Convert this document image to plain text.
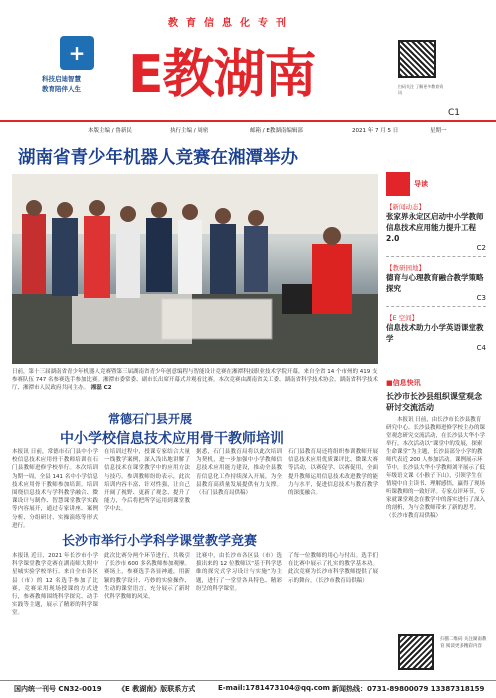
教育信息化专刊
+
科技启迪智慧
教育陪伴人生 E教湖南	扫码关注 了解更多教育资讯
C1
本版主编 / 鲁新民	执行主编 / 周密	邮箱 / E教湖南编辑部	2021 年 7 月 5 日	星期一
湖南省青少年机器人竞赛在湘潭举办
日前，第十三届湖南省青少年机器人竞赛暨第三届湖南省青少年创意编程与智能设计竞赛在湘潭科技职业技术学院开幕，来自全省 14 个市州的 419 支参赛队伍 747 名参赛选手参加比赛。湘潭市委常委、副市长出席开幕式并观看比赛。本次竞赛由湖南省关工委、湖南省科学技术协会、湖南省科学技术厅、湘潭市人民政府共同主办。 湘磊 C2
导读
【新闻动态】
张家界永定区启动中小学教师信息技术应用能力提升工程 2.0
C2
【教研园地】
德育与心理教育融合教学策略探究
C3
【E 空间】
信息技术助力小学英语课堂教学
C4
■信息快讯
长沙市长沙县组织课堂观念研讨交流活动
本报讯 日前，由长沙市长沙县教育研究中心、长沙县教师进修学校主办的课堂观念研究交流活动，在长沙县大华小学举行。本次活动以“课堂中的发展，探索生命课堂”为主题，长沙县部分小学的教师代表近 200 人参加活动。课例展示环节中，长沙县大华小学教师刘平展示了低年级语文课《小猴子下山》，引领学生在情境中自主读书、理解感悟，赢得了现场听课教师的一致好评。专家点评环节，专家就课堂观念在教学中的落实进行了深入的剖析，为与会教师带来了新的思考。（长沙市教育局供稿）
扫描二维码 关注湖南教育 阅读更多精彩内容
常德石门县开展
中小学校信息技术应用骨干教师培训
本报讯 日前，常德市石门县中小学校信息技术应用骨干教师培训在石门县教师进修学校举行。本次培训为期一周，全县 141 名中小学信息技术应用骨干教师参加培训。培训围绕信息技术与学科教学融合、微课设计与制作、智慧课堂教学实践等内容展开，通过专家讲座、案例分析、分组研讨、实操演练等形式进行。
在培训过程中，授课专家结合大量一线教学案例，深入浅出地讲解了信息技术在课堂教学中的应用方法与技巧。参训教师纷纷表示，此次培训内容丰富、针对性强，让自己开阔了视野、更新了观念、提升了能力，今后将把所学运用到课堂教学中去。
据悉，石门县教育局将以此次培训为契机，进一步加强中小学教师信息技术应用能力建设，推动全县教育信息化工作持续深入开展，为全县教育高质量发展提供有力支撑。（石门县教育局供稿）
石门县教育局还将组织参训教师开展信息技术应用优质课评比、微课大赛等活动，以赛促学、以赛促用，全面提升教师运用信息技术改进教学的能力与水平，促进信息技术与教育教学的深度融合。
长沙市举行小学科学课堂教学竞赛
本报讯 近日，2021 年长沙市小学科学课堂教学竞赛在湖南师大附中星城实验学校举行。来自全市各区县（市）的 12 名选手参加了比赛，竞赛采用现场授课的方式进行，参赛教师围绕科学探究、动手实践等主题，展示了精彩的科学课堂。
此次比赛分两个环节进行，共吸引了长沙市 600 多名教师参加观摩。赛场上，参赛选手各显神通，用新颖的教学设计、巧妙的实验操作、生动的课堂语言，充分展示了新时代科学教师的风采。
比赛中，由长沙市各区县（市）选拔出来的 12 位教师以“基于科学思维的探究式学习设计与实施”为主题，进行了一堂堂各具特色、精彩纷呈的科学课堂。
了每一位教师的用心与付出。选手们在比赛中展示了扎实的教学基本功。此次竞赛为长沙市科学教师提供了展示的舞台。（长沙市教育局供稿）
国内统一刊号 CN32-0019 《E 教湖南》版联系方式	E-mail:1781473104@qq.com 新闻热线：0731-89800079 13387318159
